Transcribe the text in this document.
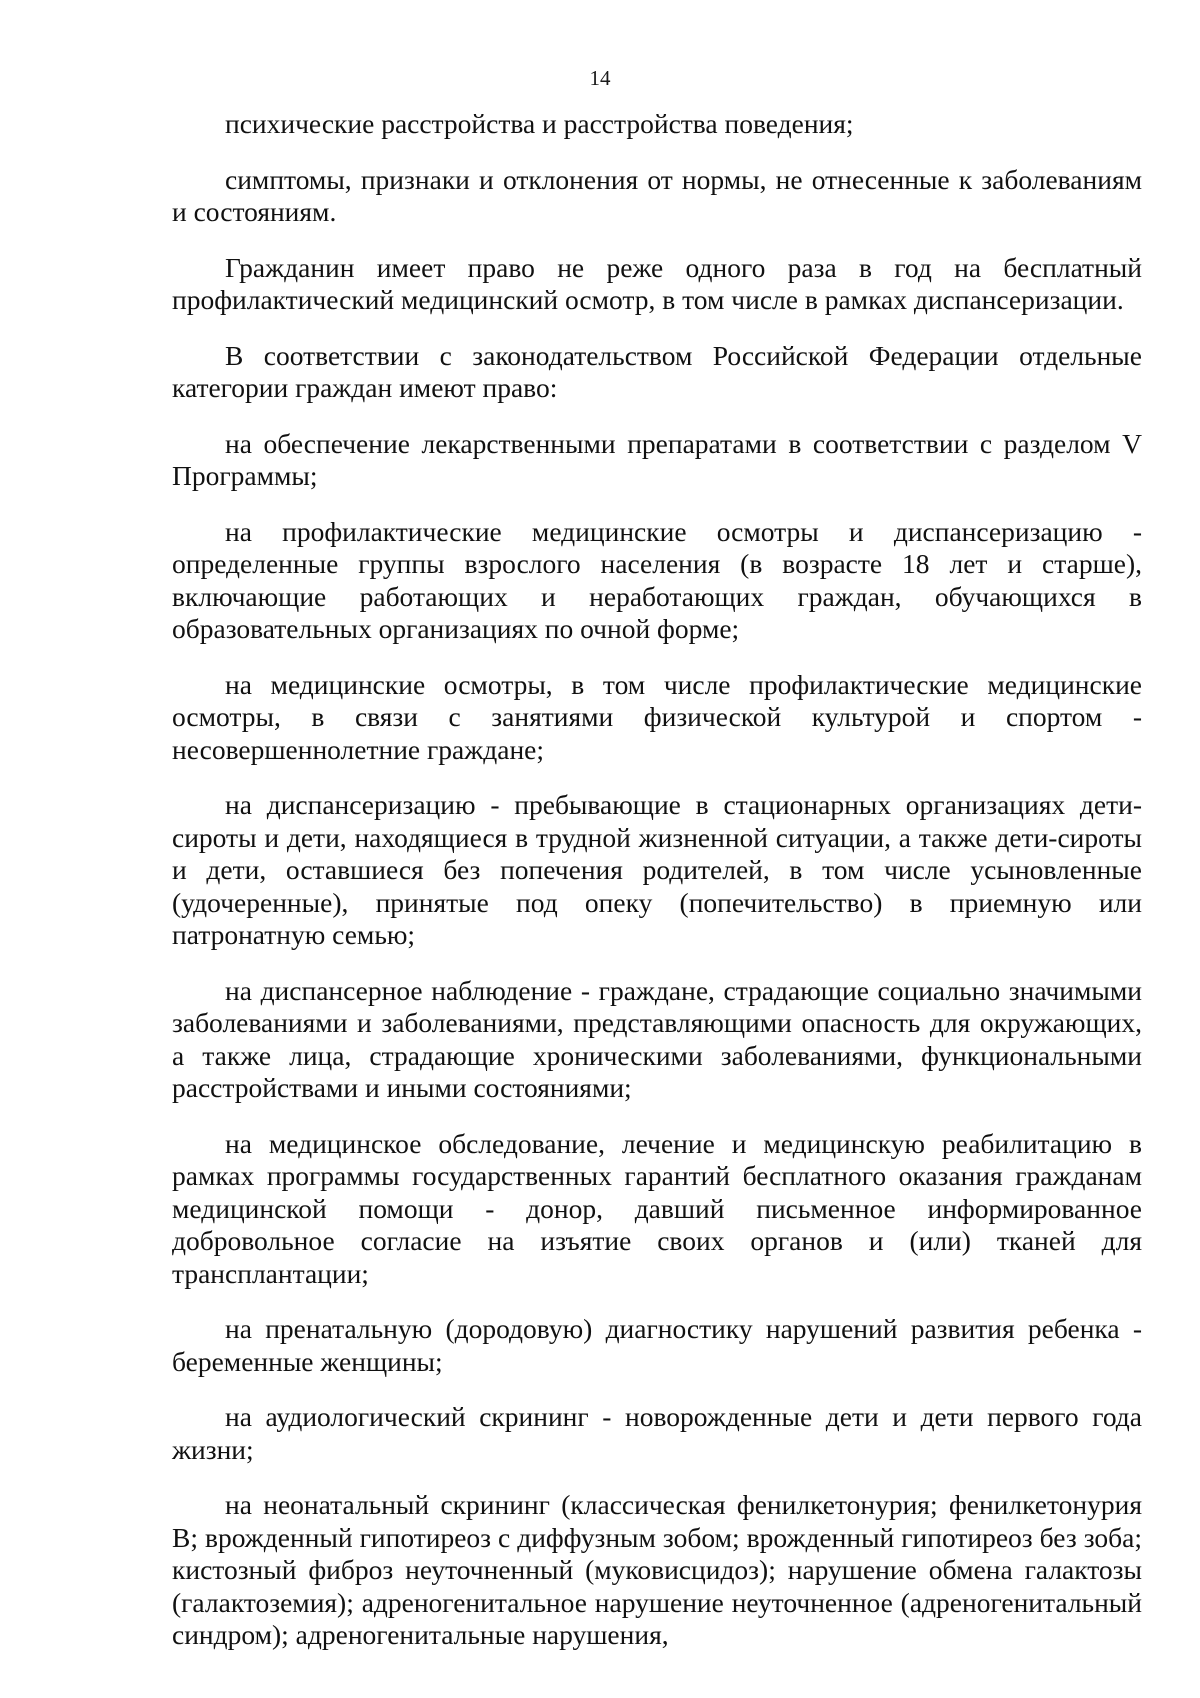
14

психические расстройства и расстройства поведения;

симптомы, признаки и отклонения от нормы, не отнесенные к заболеваниям и состояниям.

Гражданин имеет право не реже одного раза в год на бесплатный профилактический медицинский осмотр, в том числе в рамках диспансеризации.

В соответствии с законодательством Российской Федерации отдельные категории граждан имеют право:

на обеспечение лекарственными препаратами в соответствии с разделом V Программы;

на профилактические медицинские осмотры и диспансеризацию - определенные группы взрослого населения (в возрасте 18 лет и старше), включающие работающих и неработающих граждан, обучающихся в образовательных организациях по очной форме;

на медицинские осмотры, в том числе профилактические медицинские осмотры, в связи с занятиями физической культурой и спортом - несовершеннолетние граждане;

на диспансеризацию - пребывающие в стационарных организациях дети-сироты и дети, находящиеся в трудной жизненной ситуации, а также дети-сироты и дети, оставшиеся без попечения родителей, в том числе усыновленные (удочеренные), принятые под опеку (попечительство) в приемную или патронатную семью;

на диспансерное наблюдение - граждане, страдающие социально значимыми заболеваниями и заболеваниями, представляющими опасность для окружающих, а также лица, страдающие хроническими заболеваниями, функциональными расстройствами и иными состояниями;

на медицинское обследование, лечение и медицинскую реабилитацию в рамках программы государственных гарантий бесплатного оказания гражданам медицинской помощи - донор, давший письменное информированное добровольное согласие на изъятие своих органов и (или) тканей для трансплантации;

на пренатальную (дородовую) диагностику нарушений развития ребенка - беременные женщины;

на аудиологический скрининг - новорожденные дети и дети первого года жизни;

на неонатальный скрининг (классическая фенилкетонурия; фенилкетонурия B; врожденный гипотиреоз с диффузным зобом; врожденный гипотиреоз без зоба; кистозный фиброз неуточненный (муковисцидоз); нарушение обмена галактозы (галактоземия); адреногенитальное нарушение неуточненное (адреногенитальный синдром); адреногенитальные нарушения,
